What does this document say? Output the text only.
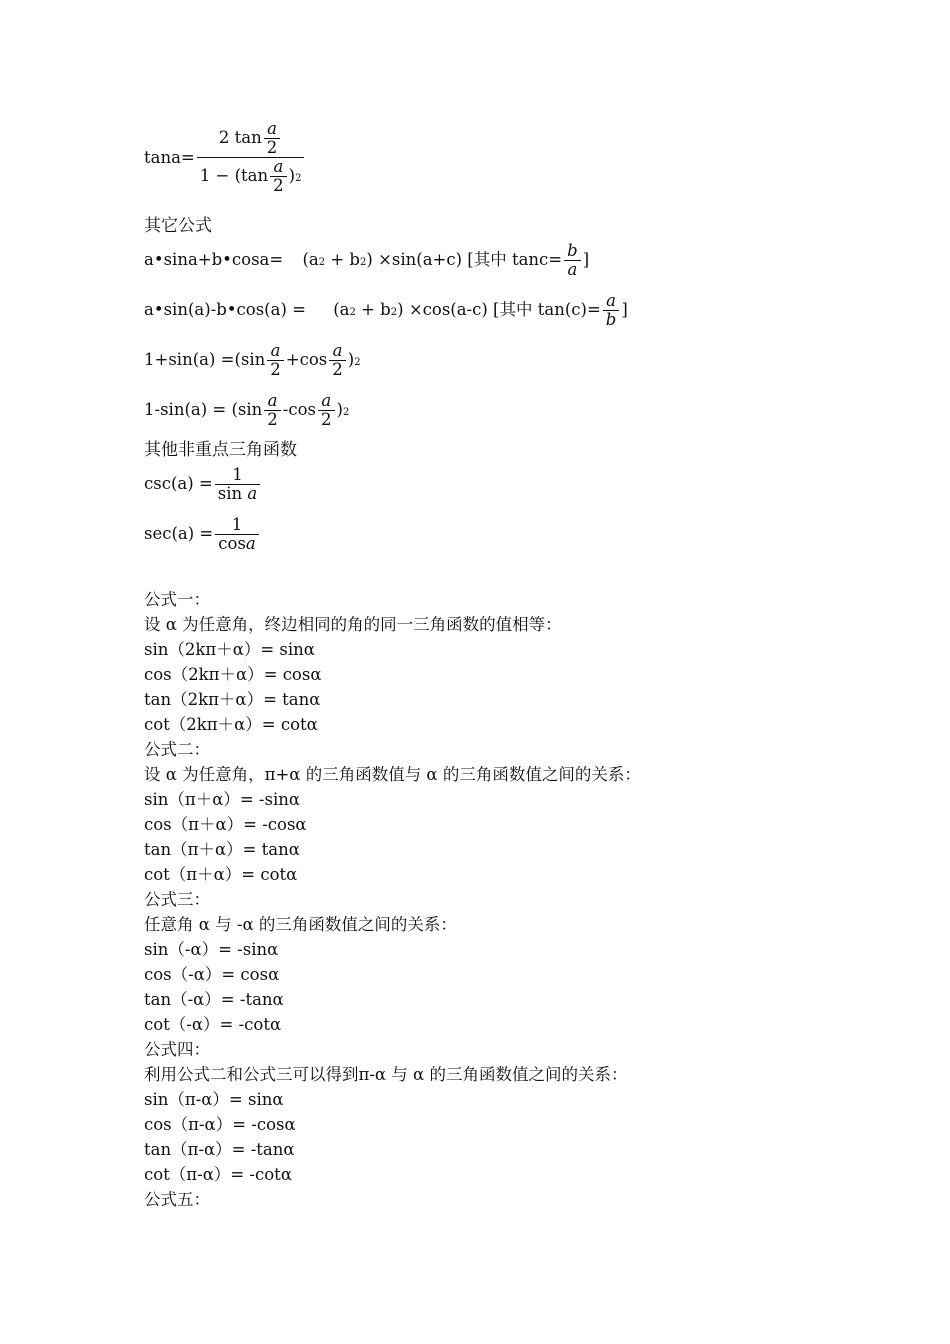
$\tan a= \frac{2 \tan \frac{a}{2}}{1 - (\tan \frac{a}{2} )2}$
其它公式
a•sina+b•cosa= (a2 + b2) ×sin(a+c) [其中 $\tan c= \frac{b}{a}$ ]
a•sin(a)-b•cos(a) = (a2 + b2) ×cos(a-c) [其中 $\tan(c)= \frac{a}{b}$ ]
$1+\sin(a) =(\sin \frac{a}{2} +\cos \frac{a}{2} )2$
$1-\sin(a) = (\sin \frac{a}{2} -\cos \frac{a}{2} )2$
其他非重点三角函数
$\csc(a) = \frac{1}{\text{sin a}}$
$\sec(a) = \frac{1}{\cos a}$
公式一：
设 α 为任意角，终边相同的角的同一三角函数的值相等：
sin（2kπ＋α）= sinα
cos（2kπ＋α）= cosα
tan（2kπ＋α）= tanα
cot（2kπ＋α）= cotα
公式二：
设 α 为任意角，π+α 的三角函数值与 α 的三角函数值之间的关系：
sin（π＋α）= -sinα
cos（π＋α）= -cosα
tan（π＋α）= tanα
cot（π＋α）= cotα
公式三：
任意角 α 与 -α 的三角函数值之间的关系：
sin（-α）= -sinα
cos（-α）= cosα
tan（-α）= -tanα
cot（-α）= -cotα
公式四：
利用公式二和公式三可以得到π-α 与 α 的三角函数值之间的关系：
sin（π-α）= sinα
cos（π-α）= -cosα
tan（π-α）= -tanα
cot（π-α）= -cotα
公式五：
